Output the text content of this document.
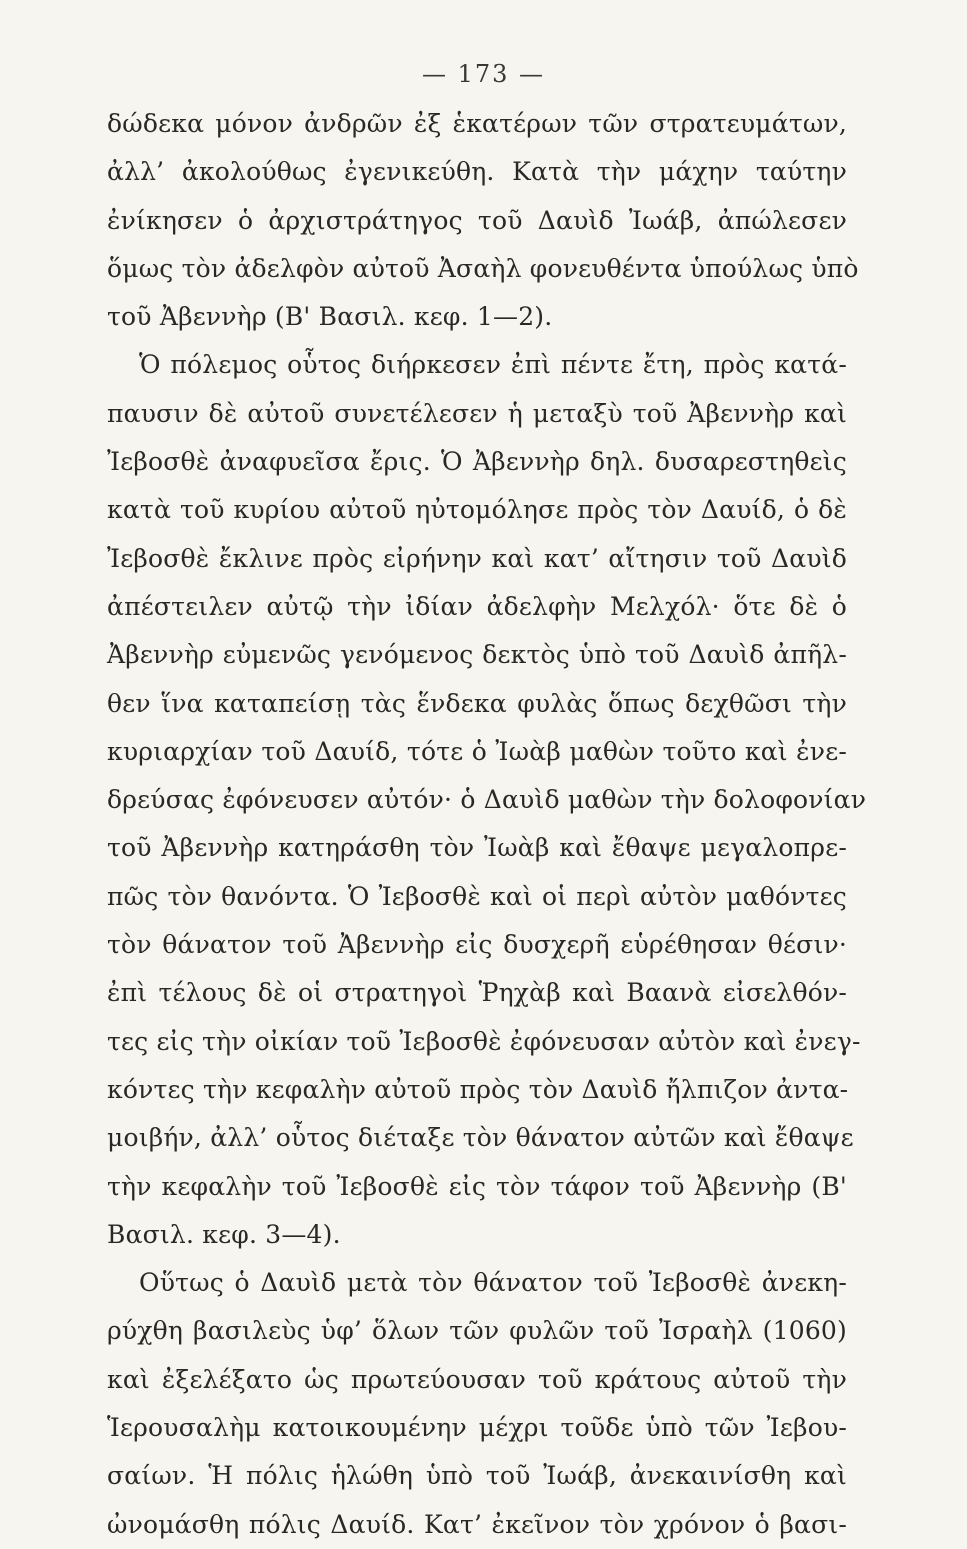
— 173 —
δώδεκα μόνον ἀνδρῶν ἐξ ἑκατέρων τῶν στρατευμάτων,
ἀλλ’ ἀκολούθως ἐγενικεύθη. Κατὰ τὴν μάχην ταύτην
ἐνίκησεν ὁ ἀρχιστράτηγος τοῦ Δαυὶδ Ἰωάβ, ἀπώλεσεν
ὅμως τὸν ἀδελφὸν αὐτοῦ Ἀσαὴλ φονευθέντα ὑπούλως ὑπὸ
τοῦ Ἀβεννὴρ (Β' Βασιλ. κεφ. 1—2).
Ὁ πόλεμος οὗτος διήρκεσεν ἐπὶ πέντε ἔτη, πρὸς κατά-
παυσιν δὲ αὐτοῦ συνετέλεσεν ἡ μεταξὺ τοῦ Ἀβεννὴρ καὶ
Ἰεβοσθὲ ἀναφυεῖσα ἔρις. Ὁ Ἀβεννὴρ δηλ. δυσαρεστηθεὶς
κατὰ τοῦ κυρίου αὐτοῦ ηὐτομόλησε πρὸς τὸν Δαυίδ, ὁ δὲ
Ἰεβοσθὲ ἔκλινε πρὸς εἰρήνην καὶ κατ’ αἴτησιν τοῦ Δαυὶδ
ἀπέστειλεν αὐτῷ τὴν ἰδίαν ἀδελφὴν Μελχόλ· ὅτε δὲ ὁ
Ἀβεννὴρ εὐμενῶς γενόμενος δεκτὸς ὑπὸ τοῦ Δαυὶδ ἀπῆλ-
θεν ἵνα καταπείσῃ τὰς ἕνδεκα φυλὰς ὅπως δεχθῶσι τὴν
κυριαρχίαν τοῦ Δαυίδ, τότε ὁ Ἰωὰβ μαθὼν τοῦτο καὶ ἐνε-
δρεύσας ἐφόνευσεν αὐτόν· ὁ Δαυὶδ μαθὼν τὴν δολοφονίαν
τοῦ Ἀβεννὴρ κατηράσθη τὸν Ἰωὰβ καὶ ἔθαψε μεγαλοπρε-
πῶς τὸν θανόντα. Ὁ Ἰεβοσθὲ καὶ οἱ περὶ αὐτὸν μαθόντες
τὸν θάνατον τοῦ Ἀβεννὴρ εἰς δυσχερῆ εὑρέθησαν θέσιν·
ἐπὶ τέλους δὲ οἱ στρατηγοὶ Ῥηχὰβ καὶ Βαανὰ εἰσελθόν-
τες εἰς τὴν οἰκίαν τοῦ Ἰεβοσθὲ ἐφόνευσαν αὐτὸν καὶ ἐνεγ-
κόντες τὴν κεφαλὴν αὐτοῦ πρὸς τὸν Δαυὶδ ἤλπιζον ἀντα-
μοιβήν, ἀλλ’ οὗτος διέταξε τὸν θάνατον αὐτῶν καὶ ἔθαψε
τὴν κεφαλὴν τοῦ Ἰεβοσθὲ εἰς τὸν τάφον τοῦ Ἀβεννὴρ (Β'
Βασιλ. κεφ. 3—4).
Οὕτως ὁ Δαυὶδ μετὰ τὸν θάνατον τοῦ Ἰεβοσθὲ ἀνεκη-
ρύχθη βασιλεὺς ὑφ’ ὅλων τῶν φυλῶν τοῦ Ἰσραὴλ (1060)
καὶ ἐξελέξατο ὡς πρωτεύουσαν τοῦ κράτους αὐτοῦ τὴν
Ἱερουσαλὴμ κατοικουμένην μέχρι τοῦδε ὑπὸ τῶν Ἰεβου-
σαίων. Ἡ πόλις ἡλώθη ὑπὸ τοῦ Ἰωάβ, ἀνεκαινίσθη καὶ
ὠνομάσθη πόλις Δαυίδ. Κατ’ ἐκεῖνον τὸν χρόνον ὁ βασι-
